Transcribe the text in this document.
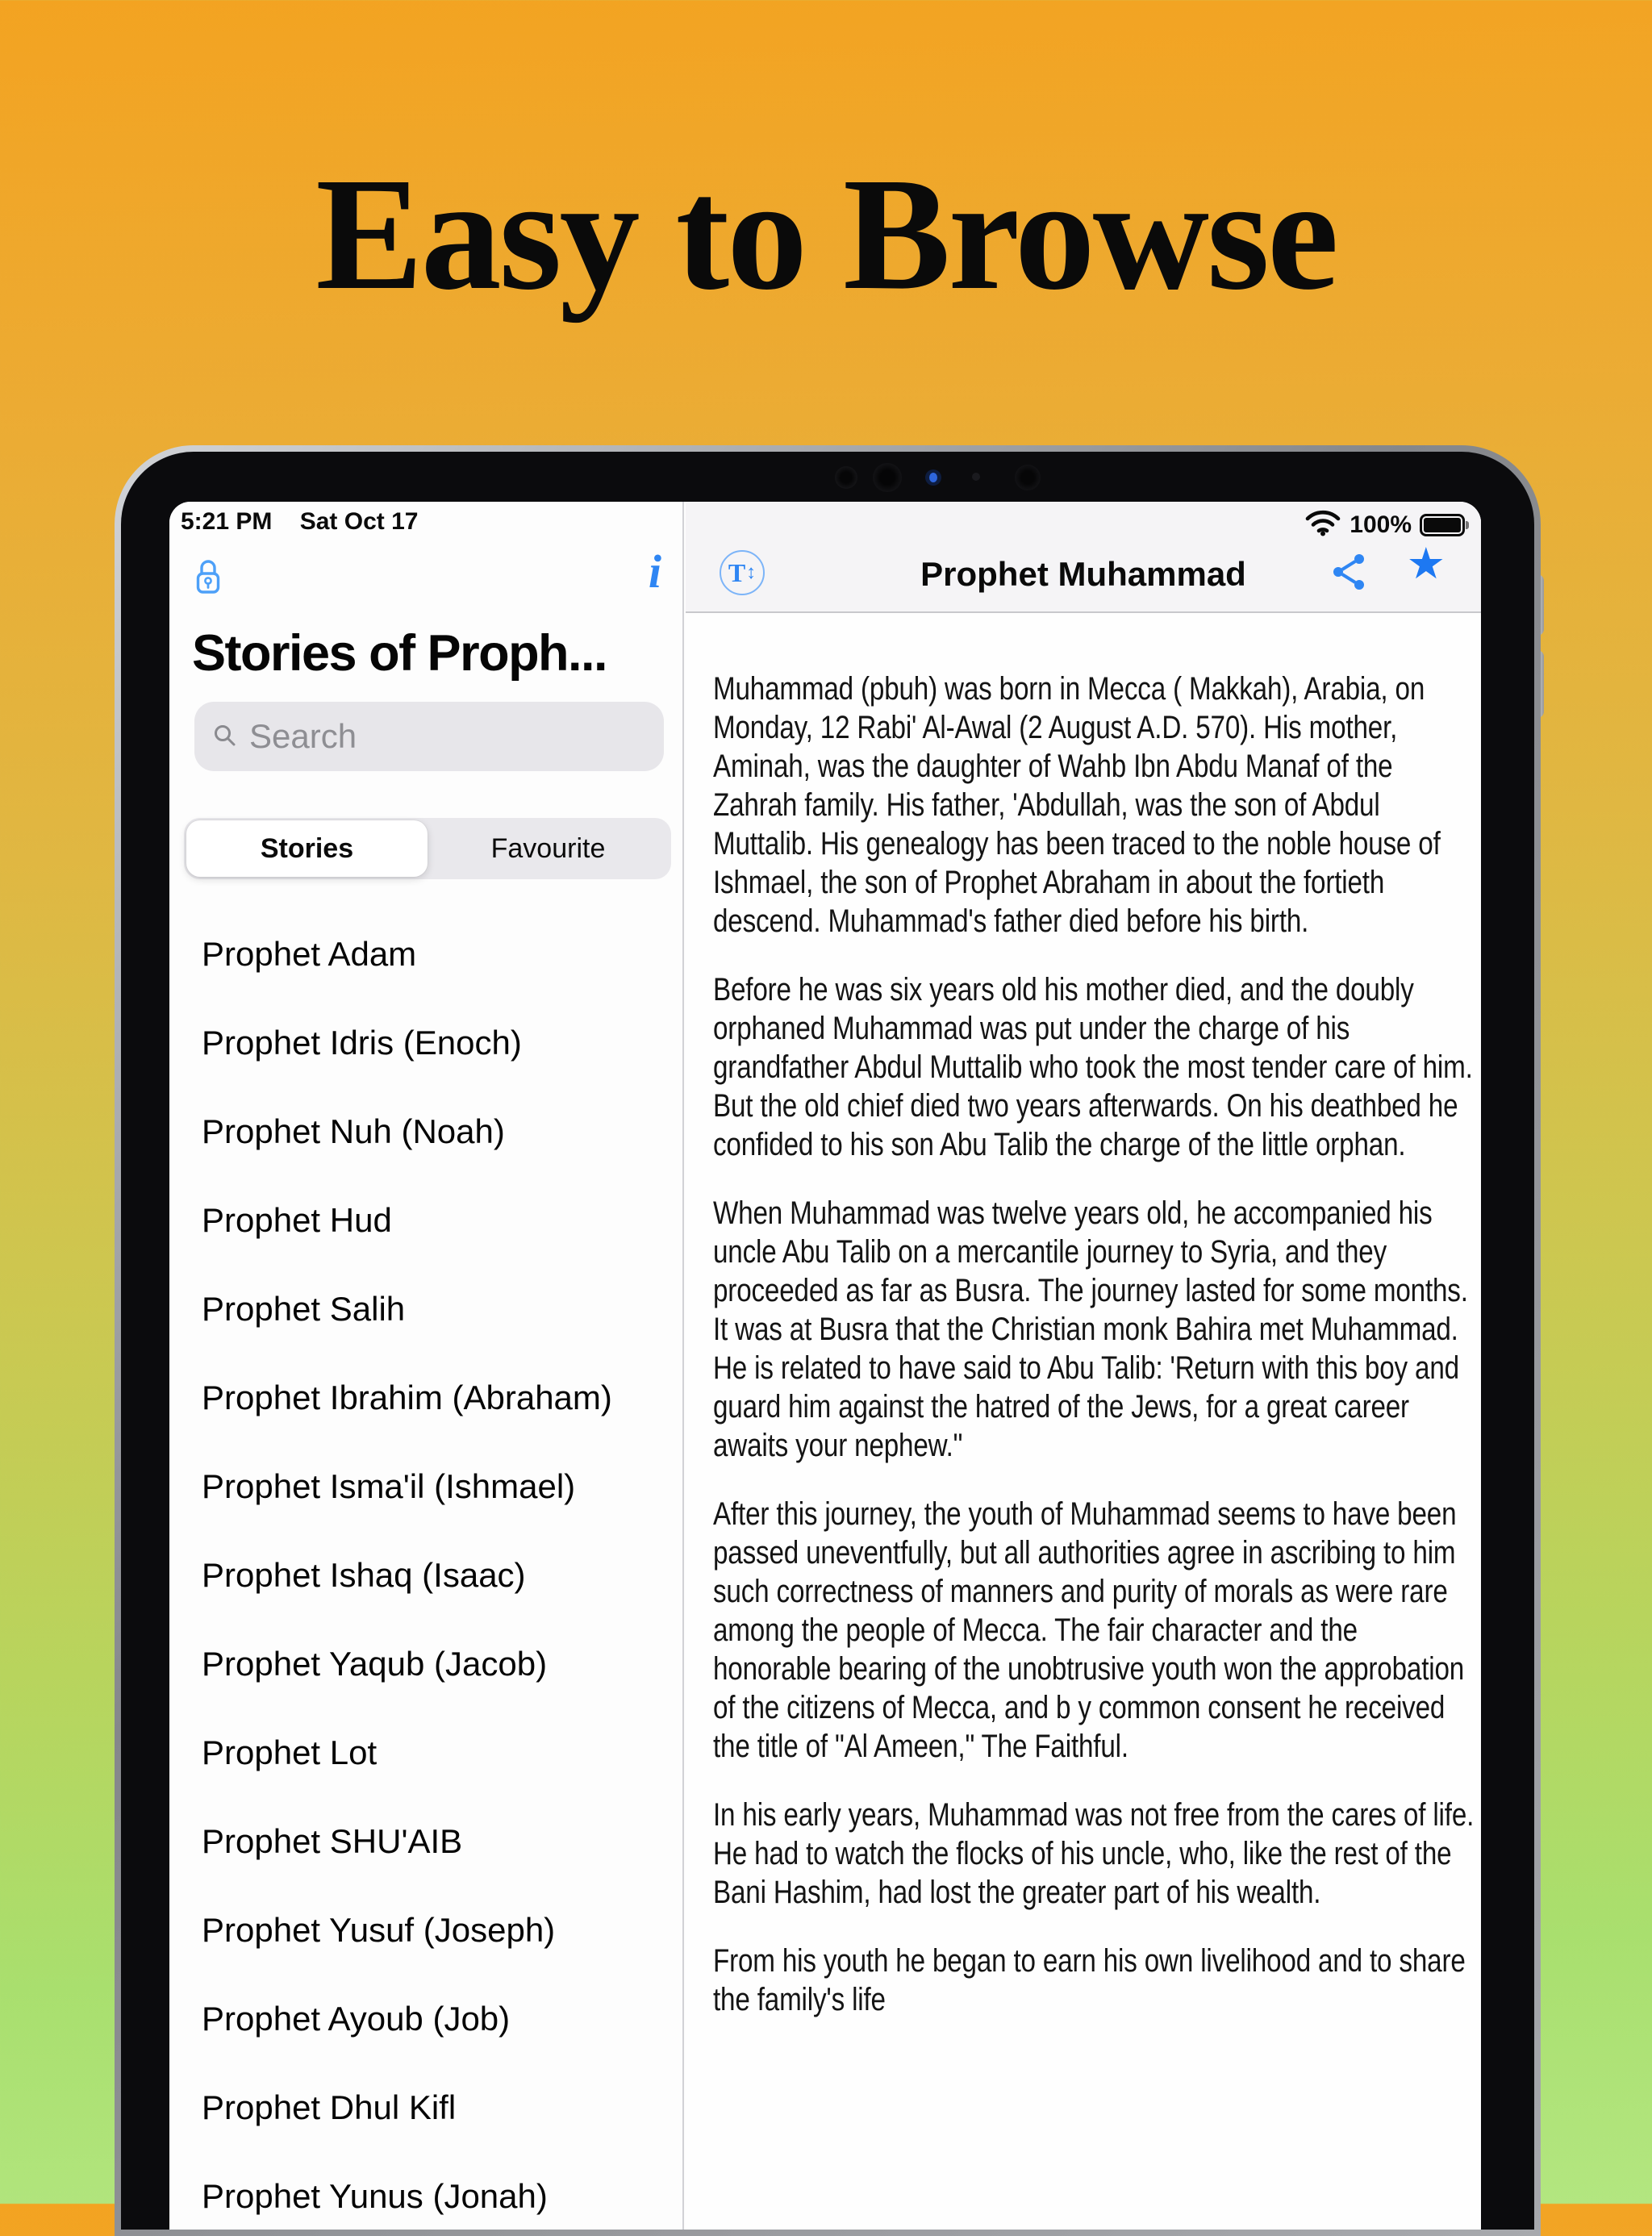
Easy to Browse
5:21 PM Sat Oct 17
i
Stories of Proph...
Search
Stories	Favourite
Prophet Adam
Prophet Idris (Enoch)
Prophet Nuh (Noah)
Prophet Hud
Prophet Salih
Prophet Ibrahim (Abraham)
Prophet Isma'il (Ishmael)
Prophet Ishaq (Isaac)
Prophet Yaqub (Jacob)
Prophet Lot
Prophet SHU'AIB
Prophet Yusuf (Joseph)
Prophet Ayoub (Job)
Prophet Dhul Kifl
Prophet Yunus (Jonah)
100%
T ↕	Prophet Muhammad	★

Muhammad (pbuh) was born in Mecca ( Makkah), Arabia, on Monday, 12 Rabi' Al-Awal (2 August A.D. 570). His mother, Aminah, was the daughter of Wahb Ibn Abdu Manaf of the Zahrah family. His father, 'Abdullah, was the son of Abdul Muttalib. His genealogy has been traced to the noble house of Ishmael, the son of Prophet Abraham in about the fortieth descend. Muhammad's father died before his birth.

Before he was six years old his mother died, and the doubly orphaned Muhammad was put under the charge of his grandfather Abdul Muttalib who took the most tender care of him. But the old chief died two years afterwards. On his deathbed he confided to his son Abu Talib the charge of the little orphan.

When Muhammad was twelve years old, he accompanied his uncle Abu Talib on a mercantile journey to Syria, and they proceeded as far as Busra. The journey lasted for some months. It was at Busra that the Christian monk Bahira met Muhammad. He is related to have said to Abu Talib: 'Return with this boy and guard him against the hatred of the Jews, for a great career awaits your nephew."

After this journey, the youth of Muhammad seems to have been passed uneventfully, but all authorities agree in ascribing to him such correctness of manners and purity of morals as were rare among the people of Mecca. The fair character and the honorable bearing of the unobtrusive youth won the approbation of the citizens of Mecca, and b y common consent he received the title of "Al Ameen," The Faithful.

In his early years, Muhammad was not free from the cares of life. He had to watch the flocks of his uncle, who, like the rest of the Bani Hashim, had lost the greater part of his wealth.

From his youth he began to earn his own livelihood and to share the family's life
